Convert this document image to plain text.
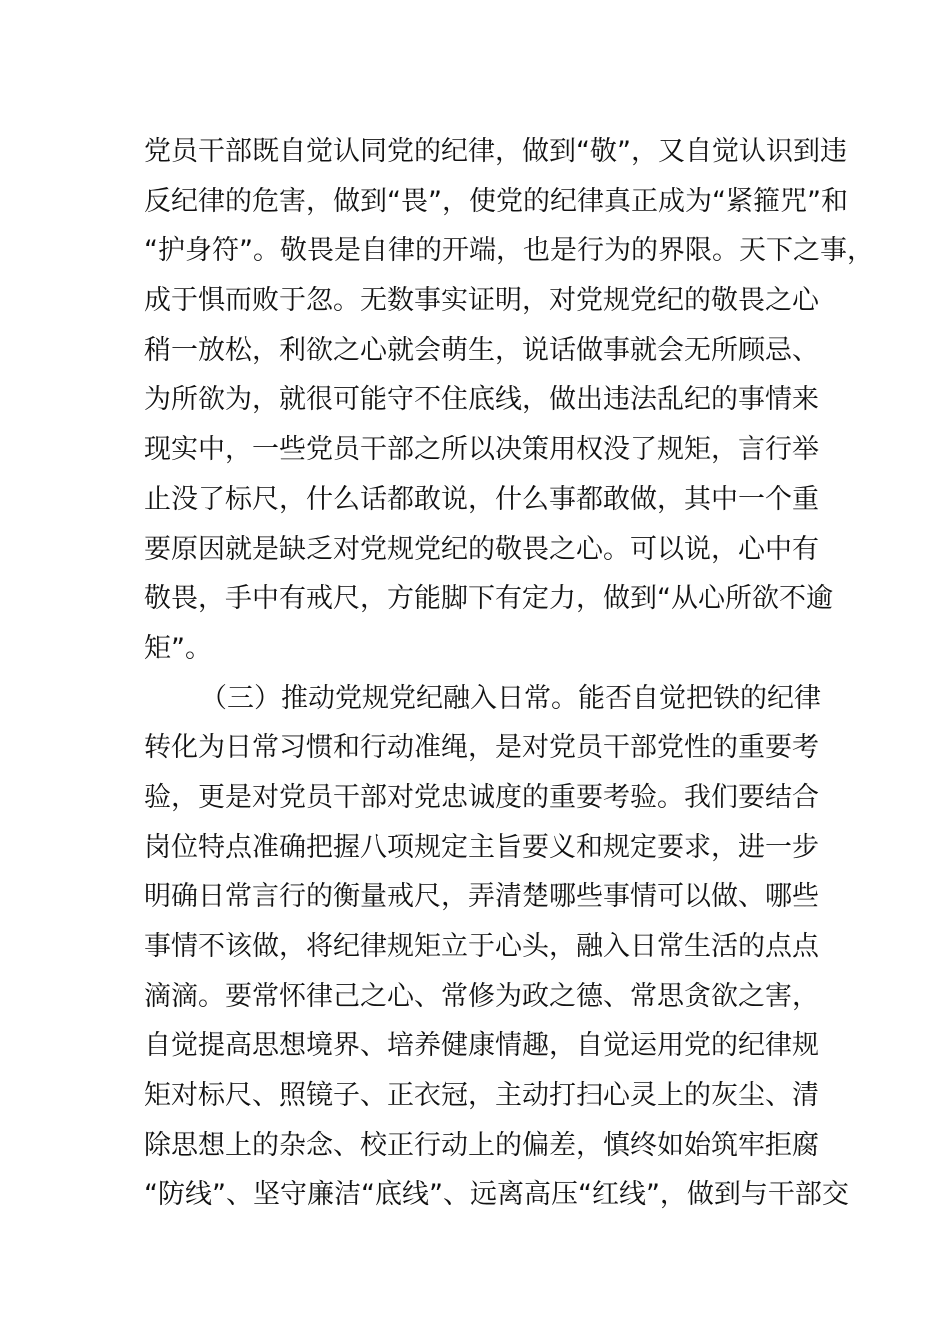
党员干部既自觉认同党的纪律，做到“敬”，又自觉认识到违
反纪律的危害，做到“畏”，使党的纪律真正成为“紧箍咒”和
“护身符”。敬畏是自律的开端，也是行为的界限。天下之事，
成于惧而败于忽。无数事实证明，对党规党纪的敬畏之心
稍一放松，利欲之心就会萌生，说话做事就会无所顾忌、
为所欲为，就很可能守不住底线，做出违法乱纪的事情来
现实中，一些党员干部之所以决策用权没了规矩，言行举
止没了标尺，什么话都敢说，什么事都敢做，其中一个重
要原因就是缺乏对党规党纪的敬畏之心。可以说，心中有
敬畏，手中有戒尺，方能脚下有定力，做到“从心所欲不逾
矩”。
（三）推动党规党纪融入日常。能否自觉把铁的纪律
转化为日常习惯和行动准绳，是对党员干部党性的重要考
验，更是对党员干部对党忠诚度的重要考验。我们要结合
岗位特点准确把握八项规定主旨要义和规定要求，进一步
明确日常言行的衡量戒尺，弄清楚哪些事情可以做、哪些
事情不该做，将纪律规矩立于心头，融入日常生活的点点
滴滴。要常怀律己之心、常修为政之德、常思贪欲之害，
自觉提高思想境界、培养健康情趣，自觉运用党的纪律规
矩对标尺、照镜子、正衣冠，主动打扫心灵上的灰尘、清
除思想上的杂念、校正行动上的偏差，慎终如始筑牢拒腐
“防线”、坚守廉洁“底线”、远离高压“红线”，做到与干部交
